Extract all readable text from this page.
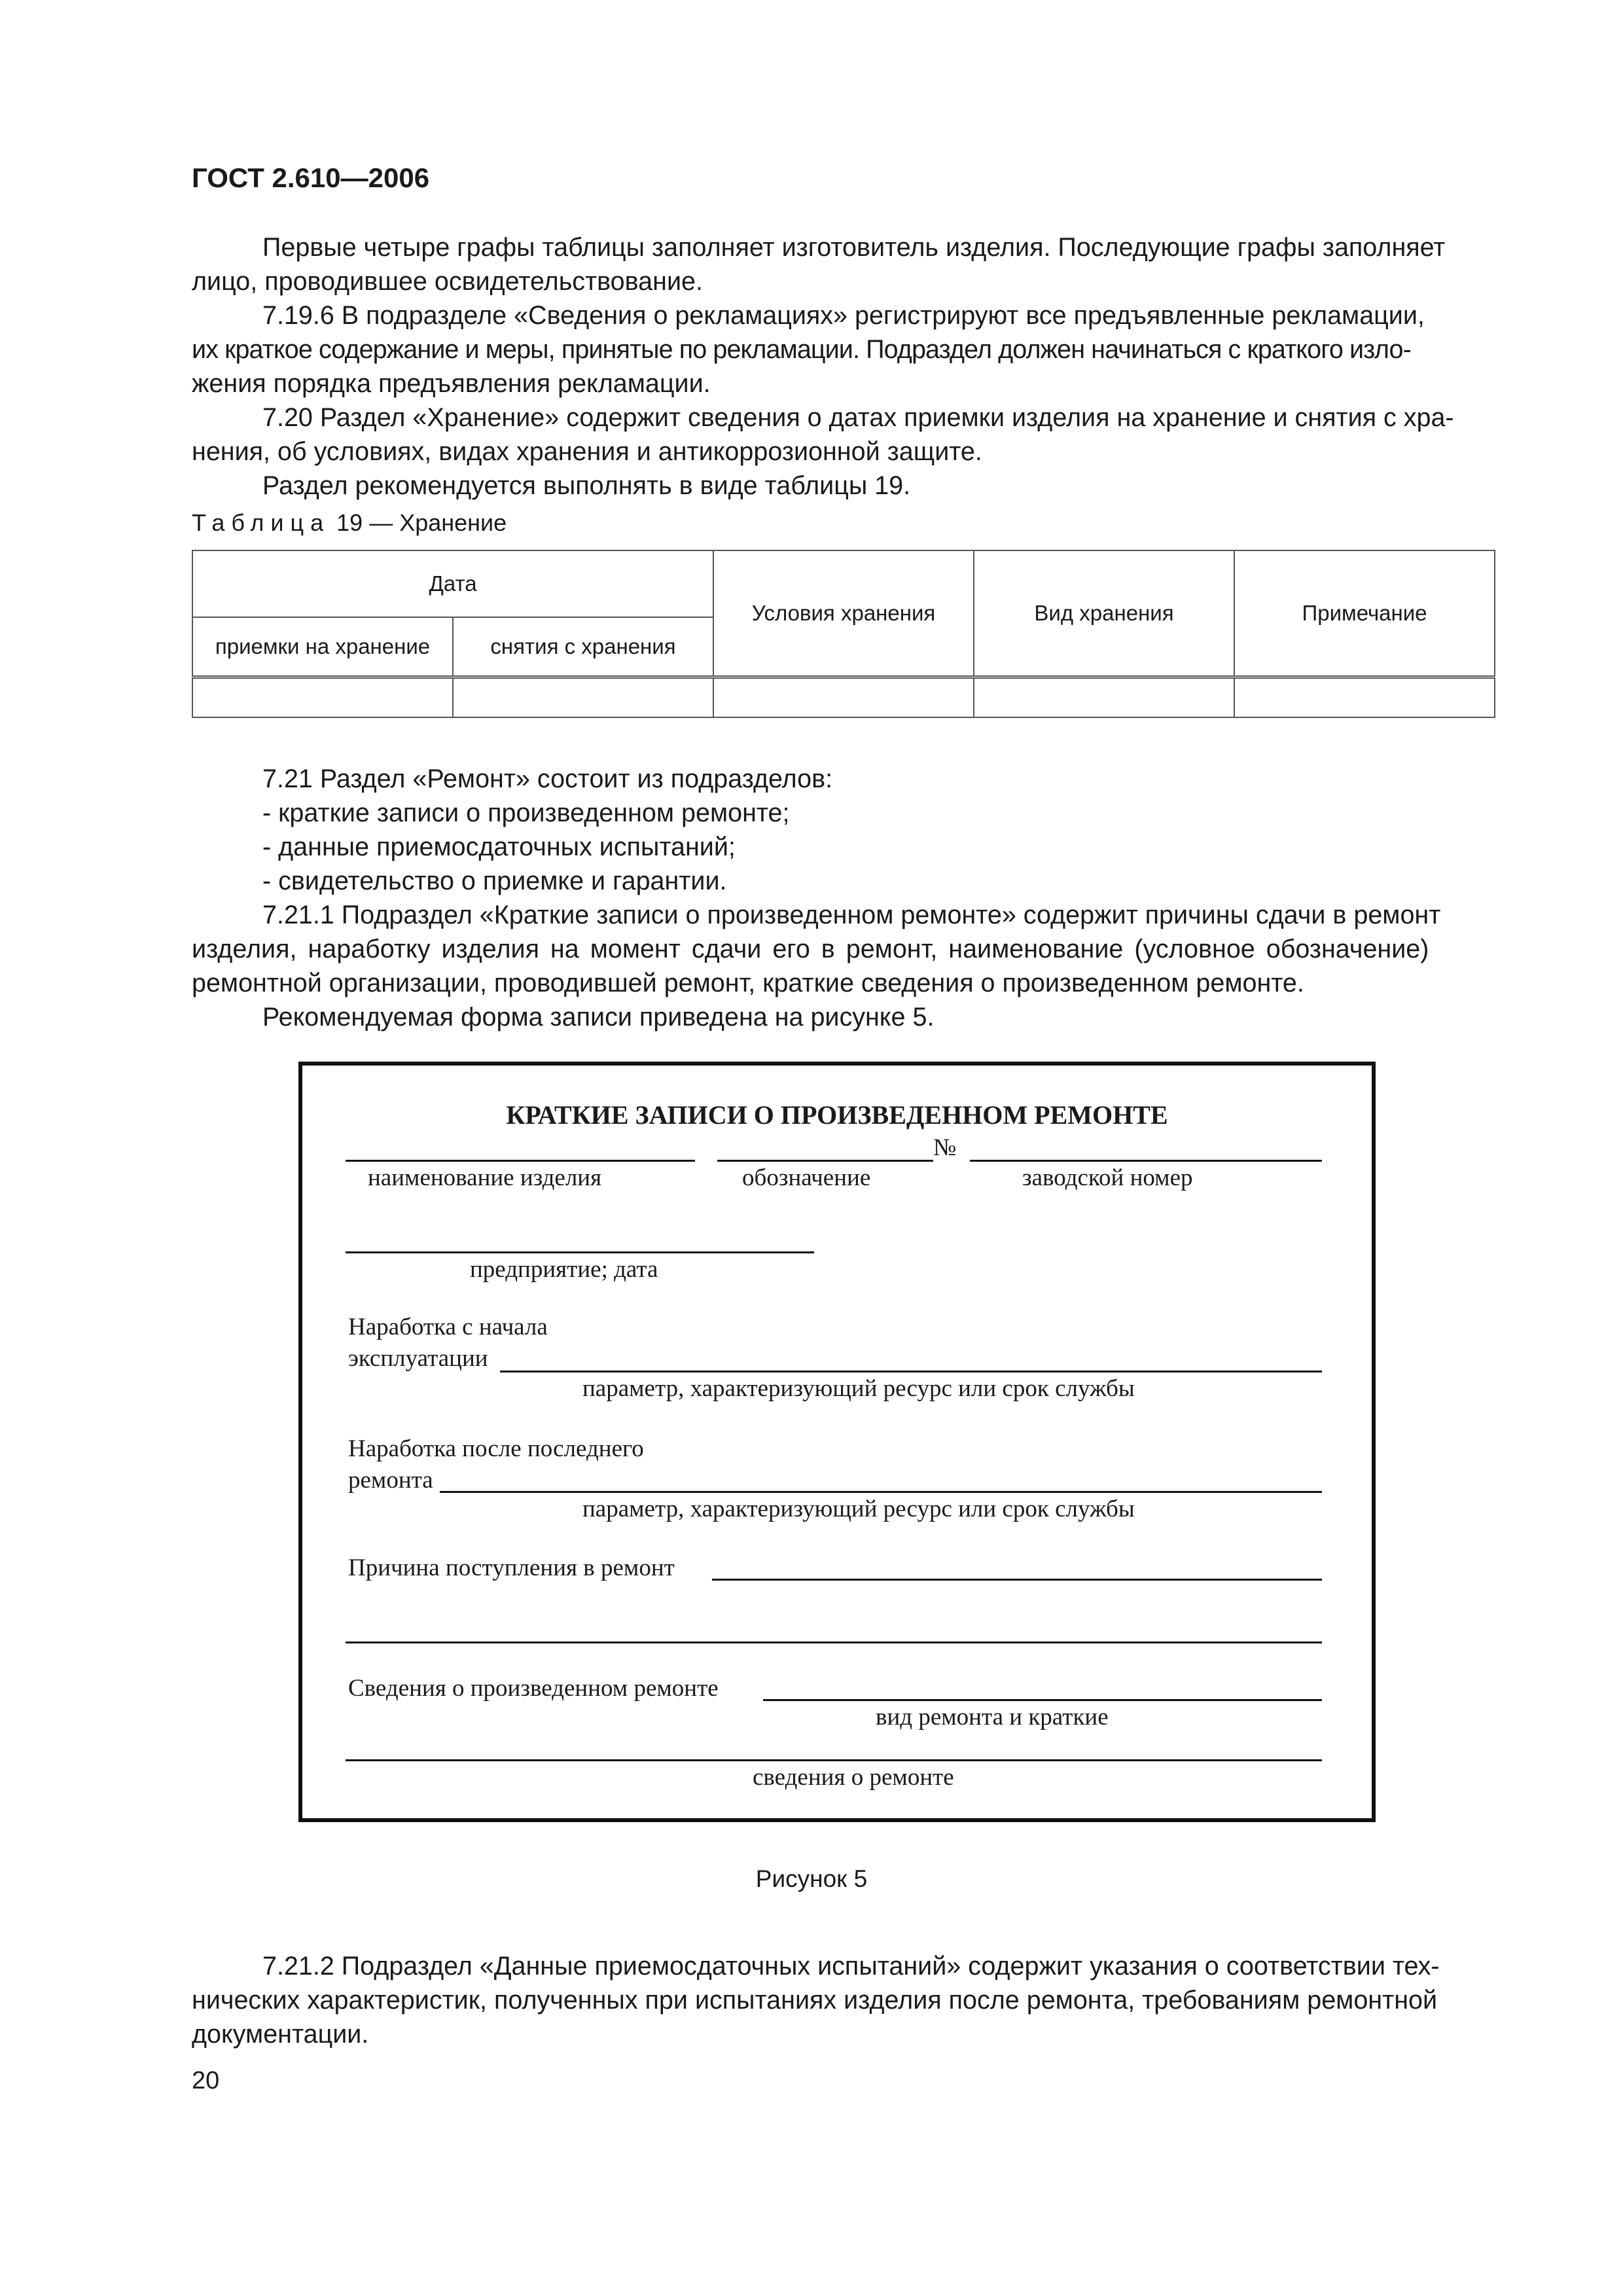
ГОСТ 2.610—2006
Первые четыре графы таблицы заполняет изготовитель изделия. Последующие графы заполняет
лицо, проводившее освидетельствование.
7.19.6 В подразделе «Сведения о рекламациях» регистрируют все предъявленные рекламации,
их краткое содержание и меры, принятые по рекламации. Подраздел должен начинаться с краткого изло-
жения порядка предъявления рекламации.
7.20 Раздел «Хранение» содержит сведения о датах приемки изделия на хранение и снятия с хра-
нения, об условиях, видах хранения и антикоррозионной защите.
Раздел рекомендуется выполнять в виде таблицы 19.
Таблица 19 — Хранение
Дата		Условия хранения	Вид хранения	Примечание
приемки на хранение	снятия с хранения			

7.21 Раздел «Ремонт» состоит из подразделов:
- краткие записи о произведенном ремонте;
- данные приемосдаточных испытаний;
- свидетельство о приемке и гарантии.
7.21.1 Подраздел «Краткие записи о произведенном ремонте» содержит причины сдачи в ремонт
изделия, наработку изделия на момент сдачи его в ремонт, наименование (условное обозначение)
ремонтной организации, проводившей ремонт, краткие сведения о произведенном ремонте.
Рекомендуемая форма записи приведена на рисунке 5.
КРАТКИЕ ЗАПИСИ О ПРОИЗВЕДЕННОМ РЕМОНТЕ
№
наименование изделия	обозначение	заводской номер
предприятие; дата
Наработка с начала
эксплуатации
параметр, характеризующий ресурс или срок службы
Наработка после последнего
ремонта
параметр, характеризующий ресурс или срок службы
Причина поступления в ремонт
Сведения о произведенном ремонте
вид ремонта и краткие
сведения о ремонте
Рисунок 5
7.21.2 Подраздел «Данные приемосдаточных испытаний» содержит указания о соответствии тех-
нических характеристик, полученных при испытаниях изделия после ремонта, требованиям ремонтной
документации.
20
